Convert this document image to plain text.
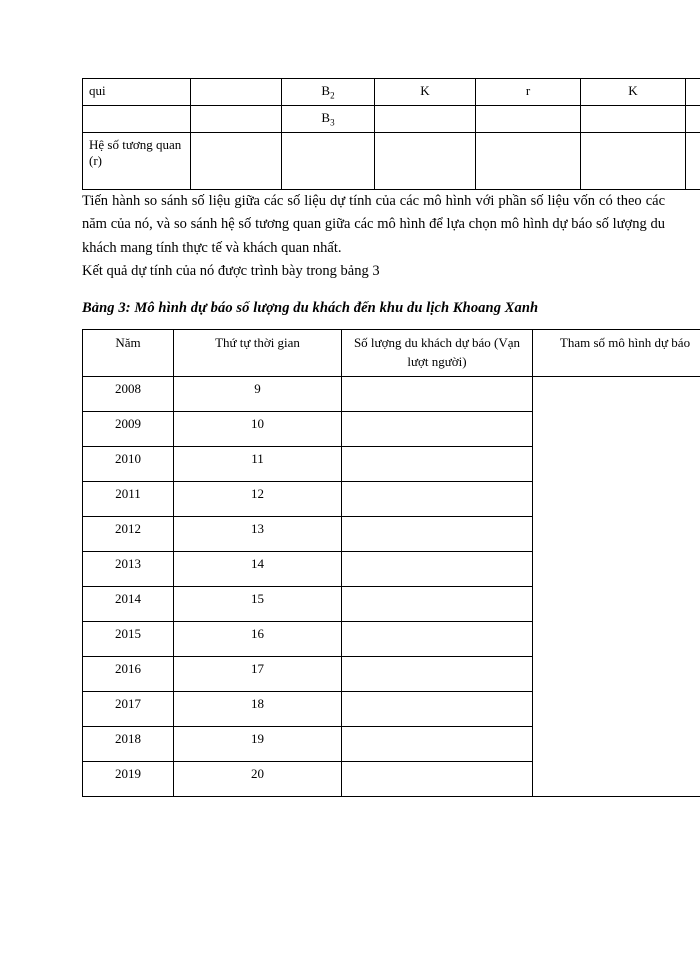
qui		$B_2$	K	r	K	
		$B_3$				
Hệ số tương quan (r)						

Tiến hành so sánh số liệu giữa các số liệu dự tính của các mô hình với phần số liệu vốn có theo các năm của nó, và so sánh hệ số tương quan giữa các mô hình để lựa chọn mô hình dự báo số lượng du khách mang tính thực tế và khách quan nhất.

Kết quả dự tính của nó được trình bày trong bảng 3

Bảng 3: Mô hình dự báo số lượng du khách đến khu du lịch Khoang Xanh

Năm	Thứ tự thời gian	Số lượng du khách dự báo (Vạn lượt người)	Tham số mô hình dự báo
2008	9		
2009	10		
2010	11		
2011	12		
2012	13		
2013	14		
2014	15		
2015	16		
2016	17		
2017	18		
2018	19		
2019	20		
